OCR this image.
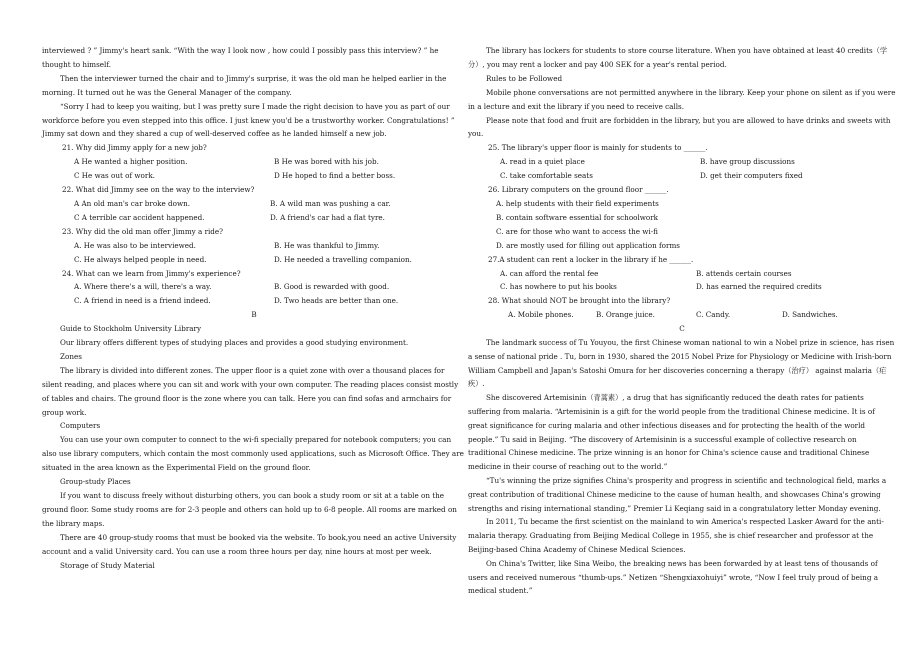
interviewed ? ” Jimmy's heart sank. “With the way I look now , how could I possibly pass this interview? ” he thought to himself.

Then the interviewer turned the chair and to Jimmy's surprise, it was the old man he helped earlier in the morning. It turned out he was the General Manager of the company.

“Sorry I had to keep you waiting, but I was pretty sure I made the right decision to have you as part of our workforce before you even stepped into this office. I just knew you'd be a trustworthy worker. Congratulations! ” Jimmy sat down and they shared a cup of well-deserved coffee as he landed himself a new job.

21. Why did Jimmy apply for a new job?

A He wanted a higher position.	B He was bored with his job.
C He was out of work.	D He hoped to find a better boss.

22. What did Jimmy see on the way to the interview?

A An old man's car broke down.	B. A wild man was pushing a car.
C A terrible car accident happened.	D. A friend's car had a flat tyre.

23. Why did the old man offer Jimmy a ride?

A. He was also to be interviewed.	B. He was thankful to Jimmy.
C. He always helped people in need.	D. He needed a travelling companion.

24. What can we learn from Jimmy's experience?

A. Where there's a will, there's a way.	B. Good is rewarded with good.
C. A friend in need is a friend indeed.	D. Two heads are better than one.

B

Guide to Stockholm University Library

Our library offers different types of studying places and provides a good studying environment.

Zones

The library is divided into different zones. The upper floor is a quiet zone with over a thousand places for silent reading, and places where you can sit and work with your own computer. The reading places consist mostly of tables and chairs. The ground floor is the zone where you can talk. Here you can find sofas and armchairs for group work.

Computers

You can use your own computer to connect to the wi-fi specially prepared for notebook computers; you can also use library computers, which contain the most commonly used applications, such as Microsoft Office. They are situated in the area known as the Experimental Field on the ground floor.

Group-study Places

If you want to discuss freely without disturbing others, you can book a study room or sit at a table on the ground floor. Some study rooms are for 2-3 people and others can hold up to 6-8 people. All rooms are marked on the library maps.

There are 40 group-study rooms that must be booked via the website. To book,you need an active University account and a valid University card. You can use a room three hours per day, nine hours at most per week.

Storage of Study Material

The library has lockers for students to store course literature. When you have obtained at least 40 credits（学分）, you may rent a locker and pay 400 SEK for a year's rental period.

Rules to be Followed

Mobile phone conversations are not permitted anywhere in the library. Keep your phone on silent as if you were in a lecture and exit the library if you need to receive calls.

Please note that food and fruit are forbidden in the library, but you are allowed to have drinks and sweets with you.

25. The library's upper floor is mainly for students to ______.

A. read in a quiet place	B. have group discussions
C. take comfortable seats	D. get their computers fixed

26. Library computers on the ground floor ______.

A. help students with their field experiments

B. contain software essential for schoolwork

C. are for those who want to access the wi-fi

D. are mostly used for filling out application forms

27.A student can rent a locker in the library if he ______.

A. can afford the rental fee	B. attends certain courses
C. has nowhere to put his books	D. has earned the required credits

28. What should NOT be brought into the library?

A. Mobile phones.	B. Orange juice.	C. Candy.	D. Sandwiches.

C

The landmark success of Tu Youyou, the first Chinese woman national to win a Nobel prize in science, has risen a sense of national pride . Tu, born in 1930, shared the 2015 Nobel Prize for Physiology or Medicine with Irish-born William Campbell and Japan's Satoshi Omura for her discoveries concerning a therapy（治疗） against malaria（疟疾）.

She discovered Artemisinin（青蒿素）, a drug that has significantly reduced the death rates for patients suffering from malaria. “Artemisinin is a gift for the world people from the traditional Chinese medicine. It is of great significance for curing malaria and other infectious diseases and for protecting the health of the world people.” Tu said in Beijing. “The discovery of Artemisinin is a successful example of collective research on traditional Chinese medicine. The prize winning is an honor for China's science cause and traditional Chinese medicine in their course of reaching out to the world.”

“Tu's winning the prize signifies China's prosperity and progress in scientific and technological field, marks a great contribution of traditional Chinese medicine to the cause of human health, and showcases China's growing strengths and rising international standing,” Premier Li Keqiang said in a congratulatory letter Monday evening.

In 2011, Tu became the first scientist on the mainland to win America's respected Lasker Award for the anti-malaria therapy. Graduating from Beijing Medical College in 1955, she is chief researcher and professor at the Beijing-based China Academy of Chinese Medical Sciences.

On China's Twitter, like Sina Weibo, the breaking news has been forwarded by at least tens of thousands of users and received numerous “thumb-ups.” Netizen “Shengxiaxohuiyi” wrote, “Now I feel truly proud of being a medical student.”
